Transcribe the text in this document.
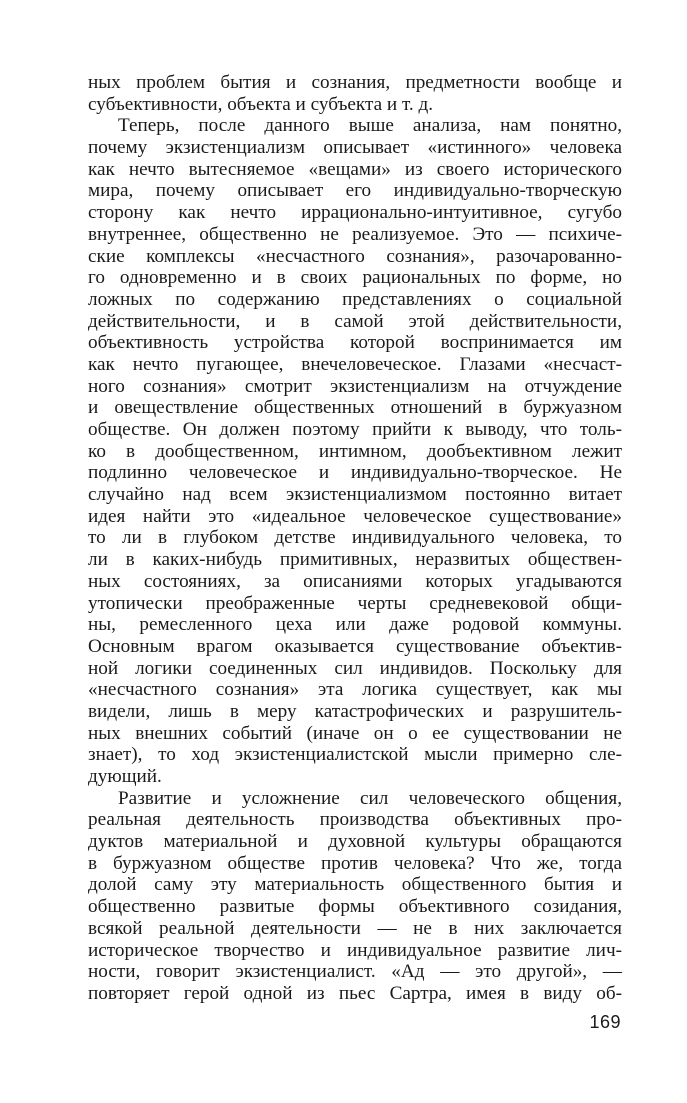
ных проблем бытия и сознания, предметности вообще и
субъективности, объекта и субъекта и т. д.
Теперь, после данного выше анализа, нам понятно,
почему экзистенциализм описывает «истинного» человека
как нечто вытесняемое «вещами» из своего исторического
мира, почему описывает его индивидуально-творческую
сторону как нечто иррационально-интуитивное, сугубо
внутреннее, общественно не реализуемое. Это — психиче-
ские комплексы «несчастного сознания», разочарованно-
го одновременно и в своих рациональных по форме, но
ложных по содержанию представлениях о социальной
действительности, и в самой этой действительности,
объективность устройства которой воспринимается им
как нечто пугающее, внечеловеческое. Глазами «несчаст-
ного сознания» смотрит экзистенциализм на отчуждение
и овеществление общественных отношений в буржуазном
обществе. Он должен поэтому прийти к выводу, что толь-
ко в дообщественном, интимном, дообъективном лежит
подлинно человеческое и индивидуально-творческое. Не
случайно над всем экзистенциализмом постоянно витает
идея найти это «идеальное человеческое существование»
то ли в глубоком детстве индивидуального человека, то
ли в каких-нибудь примитивных, неразвитых обществен-
ных состояниях, за описаниями которых угадываются
утопически преображенные черты средневековой общи-
ны, ремесленного цеха или даже родовой коммуны.
Основным врагом оказывается существование объектив-
ной логики соединенных сил индивидов. Поскольку для
«несчастного сознания» эта логика существует, как мы
видели, лишь в меру катастрофических и разрушитель-
ных внешних событий (иначе он о ее существовании не
знает), то ход экзистенциалистской мысли примерно сле-
дующий.
Развитие и усложнение сил человеческого общения,
реальная деятельность производства объективных про-
дуктов материальной и духовной культуры обращаются
в буржуазном обществе против человека? Что же, тогда
долой саму эту материальность общественного бытия и
общественно развитые формы объективного созидания,
всякой реальной деятельности — не в них заключается
историческое творчество и индивидуальное развитие лич-
ности, говорит экзистенциалист. «Ад — это другой», —
повторяет герой одной из пьес Сартра, имея в виду об-
169
